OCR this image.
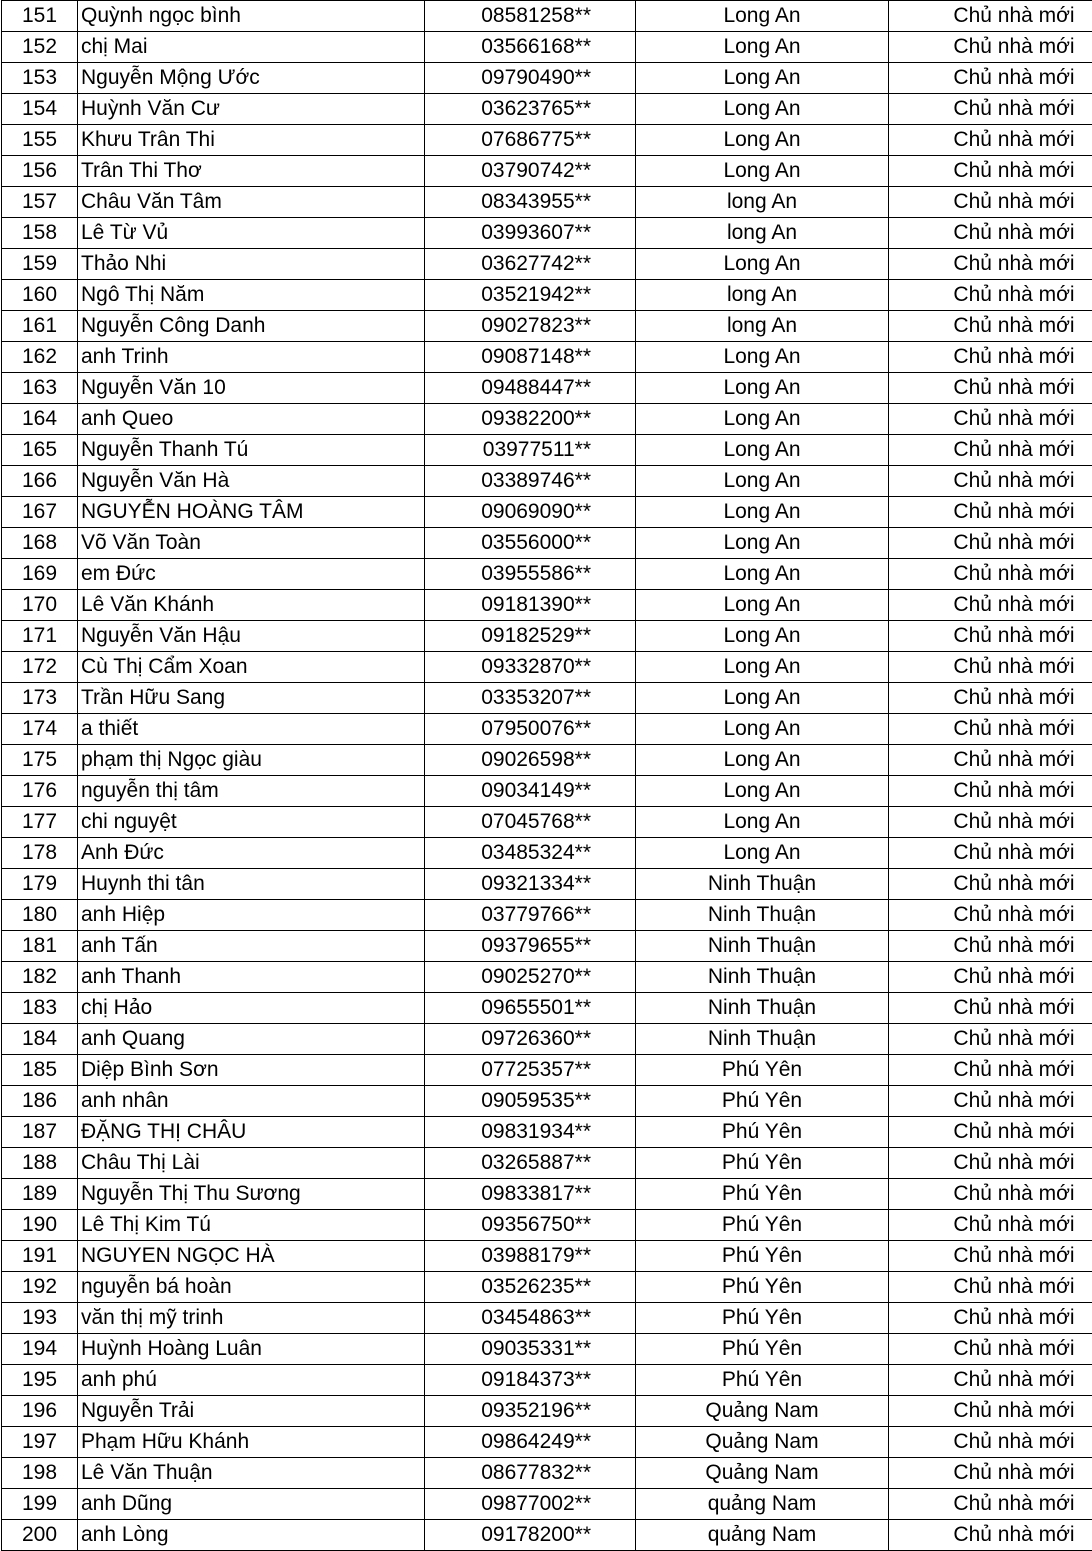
151	Quỳnh ngọc bình	08581258**	Long An	Chủ nhà mới
152	chị Mai	03566168**	Long An	Chủ nhà mới
153	Nguyễn Mộng Ước	09790490**	Long An	Chủ nhà mới
154	Huỳnh Văn Cư	03623765**	Long An	Chủ nhà mới
155	Khưu Trân Thi	07686775**	Long An	Chủ nhà mới
156	Trân Thi Thơ	03790742**	Long An	Chủ nhà mới
157	Châu Văn Tâm	08343955**	long An	Chủ nhà mới
158	Lê Từ Vủ	03993607**	long An	Chủ nhà mới
159	Thảo Nhi	03627742**	Long An	Chủ nhà mới
160	Ngô Thị Năm	03521942**	long An	Chủ nhà mới
161	Nguyễn Công Danh	09027823**	long An	Chủ nhà mới
162	anh Trinh	09087148**	Long An	Chủ nhà mới
163	Nguyễn Văn 10	09488447**	Long An	Chủ nhà mới
164	anh Queo	09382200**	Long An	Chủ nhà mới
165	Nguyễn Thanh Tú	03977511**	Long An	Chủ nhà mới
166	Nguyễn Văn Hà	03389746**	Long An	Chủ nhà mới
167	NGUYỄN HOÀNG TÂM	09069090**	Long An	Chủ nhà mới
168	Võ Văn Toàn	03556000**	Long An	Chủ nhà mới
169	em Đức	03955586**	Long An	Chủ nhà mới
170	Lê Văn Khánh	09181390**	Long An	Chủ nhà mới
171	Nguyễn Văn Hậu	09182529**	Long An	Chủ nhà mới
172	Cù Thị Cẩm Xoan	09332870**	Long An	Chủ nhà mới
173	Trần Hữu Sang	03353207**	Long An	Chủ nhà mới
174	a thiết	07950076**	Long An	Chủ nhà mới
175	phạm thị Ngọc giàu	09026598**	Long An	Chủ nhà mới
176	nguyễn thị tâm	09034149**	Long An	Chủ nhà mới
177	chi nguyệt	07045768**	Long An	Chủ nhà mới
178	Anh Đức	03485324**	Long An	Chủ nhà mới
179	Huynh thi tân	09321334**	Ninh Thuận	Chủ nhà mới
180	anh Hiệp	03779766**	Ninh Thuận	Chủ nhà mới
181	anh Tấn	09379655**	Ninh Thuận	Chủ nhà mới
182	anh Thanh	09025270**	Ninh Thuận	Chủ nhà mới
183	chị Hảo	09655501**	Ninh Thuận	Chủ nhà mới
184	anh Quang	09726360**	Ninh Thuận	Chủ nhà mới
185	Diệp Bình Sơn	07725357**	Phú Yên	Chủ nhà mới
186	anh nhân	09059535**	Phú Yên	Chủ nhà mới
187	ĐẶNG THỊ CHÂU	09831934**	Phú Yên	Chủ nhà mới
188	Châu Thị Lài	03265887**	Phú Yên	Chủ nhà mới
189	Nguyễn Thị Thu Sương	09833817**	Phú Yên	Chủ nhà mới
190	Lê Thị Kim Tú	09356750**	Phú Yên	Chủ nhà mới
191	NGUYEN NGỌC HÀ	03988179**	Phú Yên	Chủ nhà mới
192	nguyễn bá hoàn	03526235**	Phú Yên	Chủ nhà mới
193	văn thị mỹ trinh	03454863**	Phú Yên	Chủ nhà mới
194	Huỳnh Hoàng Luân	09035331**	Phú Yên	Chủ nhà mới
195	anh phú	09184373**	Phú Yên	Chủ nhà mới
196	Nguyễn Trải	09352196**	Quảng Nam	Chủ nhà mới
197	Phạm Hữu Khánh	09864249**	Quảng Nam	Chủ nhà mới
198	Lê Văn Thuận	08677832**	Quảng Nam	Chủ nhà mới
199	anh Dũng	09877002**	quảng Nam	Chủ nhà mới
200	anh Lòng	09178200**	quảng Nam	Chủ nhà mới
